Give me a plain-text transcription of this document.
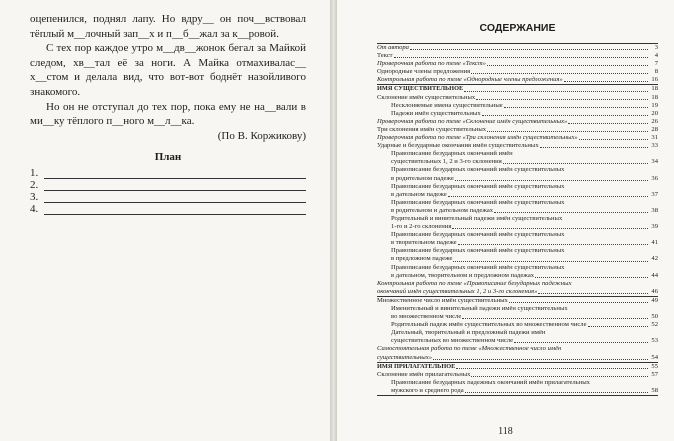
оцепенился, поднял лапу. Но вдру__ он поч__вствовал тёплый м__лочный зап__х и п__б__жал за к__ровой.

С тех пор каждое утро м__дв__жонок бегал за Майкой следом, хв__тал её за ноги. А Майка отмахивалас__ х__стом и делала вид, что вот-вот боднёт назойливого знакомого.

Но он не отступал до тех пор, пока ему не на__вали в ми__ку тёплого п__ного м__л__ка.

(По В. Коржикову)

План
1.
2.
3.
4.
СОДЕРЖАНИЕ
От автора	3
Текст	4
Проверочная работа по теме «Текст»	7
Однородные члены предложения	8
Контрольная работа по теме «Однородные члены предложения»	16
ИМЯ СУЩЕСТВИТЕЛЬНОЕ	18
Склонение имён существительных	18
Несклоняемые имена существительные	19
Падежи имён существительных	20
Проверочная работа по теме «Склонение имён существительных»	26
Три склонения имён существительных	28
Проверочная работа по теме «Три склонения имён существительных»	31
Ударные и безударные окончания имён существительных	33
Правописание безударных окончаний имён
существительных 1, 2 и 3-го склонения	34
Правописание безударных окончаний имён существительных
в родительном падеже	36
Правописание безударных окончаний имён существительных
в дательном падеже	37
Правописание безударных окончаний имён существительных
в родительном и дательном падежах	38
Родительный и винительный падежи имён существительных
1-го и 2-го склонения	39
Правописание безударных окончаний имён существительных
в творительном падеже	41
Правописание безударных окончаний имён существительных
в предложном падеже	42
Правописание безударных окончаний имён существительных
в дательном, творительном и предложном падежах	44
Контрольная работа по теме «Правописание безударных падежных
окончаний имён существительных 1, 2 и 3-го склонения»	46
Множественное число имён существительных	49
Именительный и винительный падежи имён существительных
во множественном числе	50
Родительный падеж имён существительных во множественном числе	52
Дательный, творительный и предложный падежи имён
существительных во множественном числе	53
Самостоятельная работа по теме «Множественное число имён
существительных»	54
ИМЯ ПРИЛАГАТЕЛЬНОЕ	55
Склонение имён прилагательных	57
Правописание безударных падежных окончаний имён прилагательных
мужского и среднего рода	58
118
